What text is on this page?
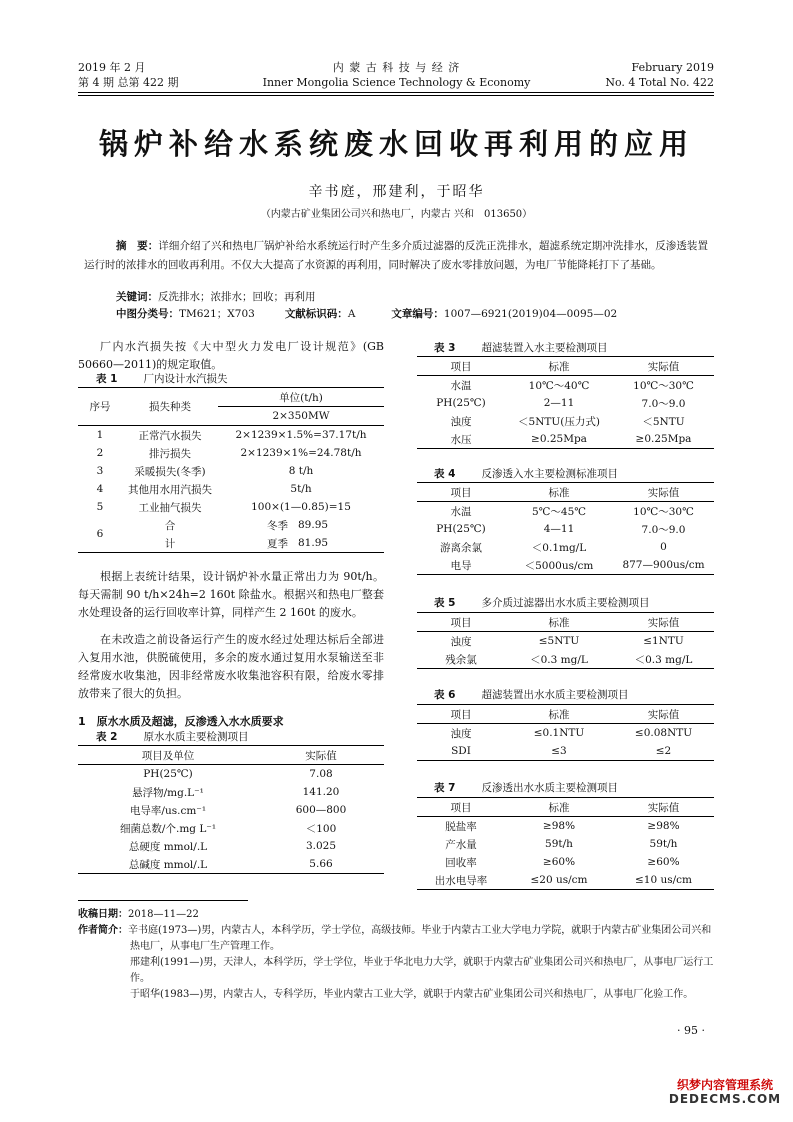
2019 年 2 月
第 4 期 总第 422 期
内 蒙 古 科 技 与 经 济
Inner Mongolia Science Technology & Economy
February 2019
No. 4 Total No. 422
锅炉补给水系统废水回收再利用的应用
辛书庭，邢建利，于昭华
（内蒙古矿业集团公司兴和热电厂，内蒙古 兴和　013650）
摘　要：详细介绍了兴和热电厂锅炉补给水系统运行时产生多介质过滤器的反洗正洗排水，超滤系统定期冲洗排水，反渗透装置运行时的浓排水的回收再利用。不仅大大提高了水资源的再利用，同时解决了废水零排放问题，为电厂节能降耗打下了基础。
关键词：反洗排水；浓排水；回收；再利用
中图分类号：TM621；X703	文献标识码：A	文章编号：1007—6921(2019)04—0095—02
厂内水汽损失按《大中型火力发电厂设计规范》(GB 50660—2011)的规定取值。
表 1 厂内设计水汽损失
序号	损失种类	单位(t/h)	
		2×350MW	
1	正常汽水损失	2×1239×1.5%=37.17t/h	
2	排污损失	2×1239×1%=24.78t/h	
3	采暖损失(冬季)	8 t/h	
4	其他用水用汽损失	5t/h	
5	工业抽气损失	100×(1—0.85)=15	
6	合	冬季	89.95
	计	夏季	81.95
根据上表统计结果，设计锅炉补水量正常出力为 90t/h。每天需制 90 t/h×24h=2 160t 除盐水。根据兴和热电厂整套水处理设备的运行回收率计算，同样产生 2 160t 的废水。
在未改造之前设备运行产生的废水经过处理达标后全部进入复用水池，供脱硫使用，多余的废水通过复用水泵输送至非经常废水收集池，因非经常废水收集池容积有限，给废水零排放带来了很大的负担。
1　原水水质及超滤，反渗透入水水质要求
表 2 原水水质主要检测项目
项目及单位	实际值
PH(25℃)	7.08
悬浮物/mg.L⁻¹	141.20
电导率/us.cm⁻¹	600—800
细菌总数/个.mg L⁻¹	＜100
总硬度 mmol/.L	3.025
总碱度 mmol/.L	5.66
表 3 超滤装置入水主要检测项目
项目	标准	实际值
水温	10℃～40℃	10℃～30℃
PH(25℃)	2—11	7.0～9.0
浊度	＜5NTU(压力式)	＜5NTU
水压	≥0.25Mpa	≥0.25Mpa
表 4 反渗透入水主要检测标准项目
项目	标准	实际值
水温	5℃～45℃	10℃～30℃
PH(25℃)	4—11	7.0～9.0
游离余氯	＜0.1mg/L	0
电导	＜5000us/cm	877—900us/cm
表 5 多介质过滤器出水水质主要检测项目
项目	标准	实际值
浊度	≤5NTU	≤1NTU
残余氯	＜0.3 mg/L	＜0.3 mg/L
表 6 超滤装置出水水质主要检测项目
项目	标准	实际值
浊度	≤0.1NTU	≤0.08NTU
SDI	≤3	≤2
表 7 反渗透出水水质主要检测项目
项目	标准	实际值
脱盐率	≥98%	≥98%
产水量	59t/h	59t/h
回收率	≥60%	≥60%
出水电导率	≤20 us/cm	≤10 us/cm
收稿日期：2018—11—22
作者简介：辛书庭(1973—)男，内蒙古人，本科学历，学士学位，高级技师。毕业于内蒙古工业大学电力学院，就职于内蒙古矿业集团公司兴和热电厂，从事电厂生产管理工作。
邢建利(1991—)男，天津人，本科学历，学士学位，毕业于华北电力大学，就职于内蒙古矿业集团公司兴和热电厂，从事电厂运行工作。
于昭华(1983—)男，内蒙古人，专科学历，毕业内蒙古工业大学，就职于内蒙古矿业集团公司兴和热电厂，从事电厂化验工作。
· 95 ·
织梦内容管理系统
DEDECMS.COM
